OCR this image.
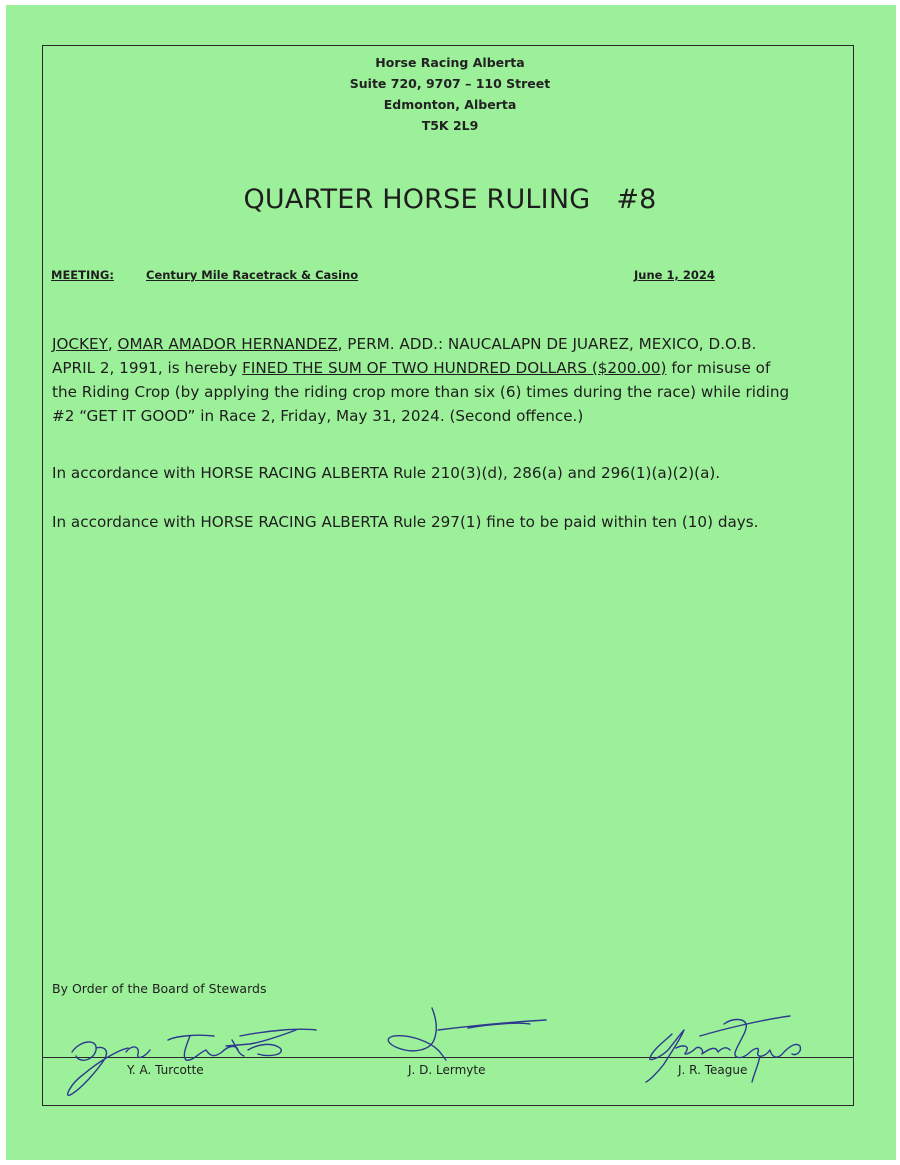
Horse Racing Alberta
Suite 720, 9707 – 110 Street
Edmonton, Alberta
T5K 2L9
QUARTER HORSE RULING #8
MEETING:	Century Mile Racetrack & Casino	June 1, 2024
JOCKEY, OMAR AMADOR HERNANDEZ, PERM. ADD.: NAUCALAPN DE JUAREZ, MEXICO, D.O.B.
APRIL 2, 1991, is hereby FINED THE SUM OF TWO HUNDRED DOLLARS ($200.00) for misuse of
the Riding Crop (by applying the riding crop more than six (6) times during the race) while riding
#2 “GET IT GOOD” in Race 2, Friday, May 31, 2024. (Second offence.)
In accordance with HORSE RACING ALBERTA Rule 210(3)(d), 286(a) and 296(1)(a)(2)(a).
In accordance with HORSE RACING ALBERTA Rule 297(1) fine to be paid within ten (10) days.
By Order of the Board of Stewards
Y. A. Turcotte	J. D. Lermyte	J. R. Teague
